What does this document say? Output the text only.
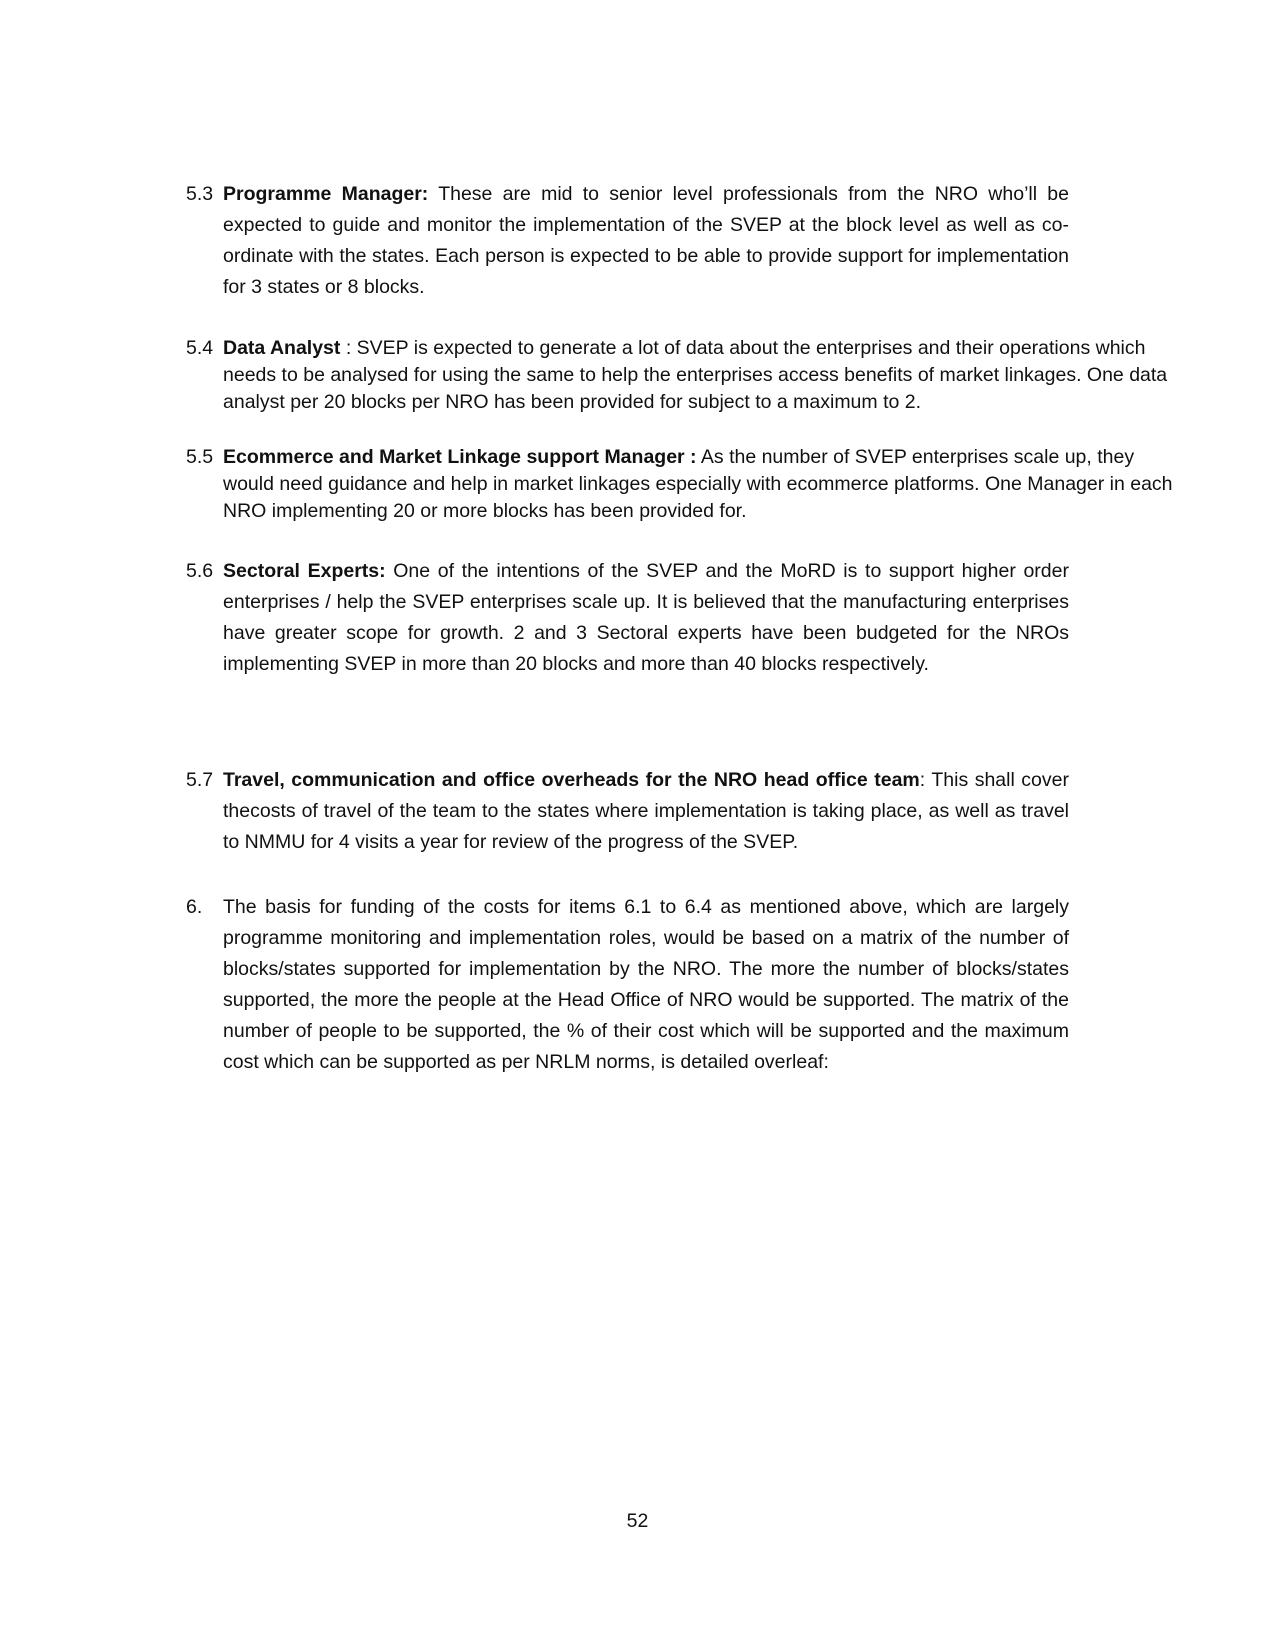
5.3 Programme Manager: These are mid to senior level professionals from the NRO who’ll be expected to guide and monitor the implementation of the SVEP at the block level as well as co-ordinate with the states. Each person is expected to be able to provide support for implementation for 3 states or 8 blocks.
5.4 Data Analyst : SVEP is expected to generate a lot of data about the enterprises and their operations which needs to be analysed for using the same to help the enterprises access benefits of market linkages. One data analyst per 20 blocks per NRO has been provided for subject to a maximum to 2.
5.5 Ecommerce and Market Linkage support Manager : As the number of SVEP enterprises scale up, they would need guidance and help in market linkages especially with ecommerce platforms. One Manager in each NRO implementing 20 or more blocks has been provided for.
5.6 Sectoral Experts: One of the intentions of the SVEP and the MoRD is to support higher order enterprises / help the SVEP enterprises scale up. It is believed that the manufacturing enterprises have greater scope for growth. 2 and 3 Sectoral experts have been budgeted for the NROs implementing SVEP in more than 20 blocks and more than 40 blocks respectively.
5.7 Travel, communication and office overheads for the NRO head office team: This shall cover thecosts of travel of the team to the states where implementation is taking place, as well as travel to NMMU for 4 visits a year for review of the progress of the SVEP.
6. The basis for funding of the costs for items 6.1 to 6.4 as mentioned above, which are largely programme monitoring and implementation roles, would be based on a matrix of the number of blocks/states supported for implementation by the NRO. The more the number of blocks/states supported, the more the people at the Head Office of NRO would be supported. The matrix of the number of people to be supported, the % of their cost which will be supported and the maximum cost which can be supported as per NRLM norms, is detailed overleaf:
52
